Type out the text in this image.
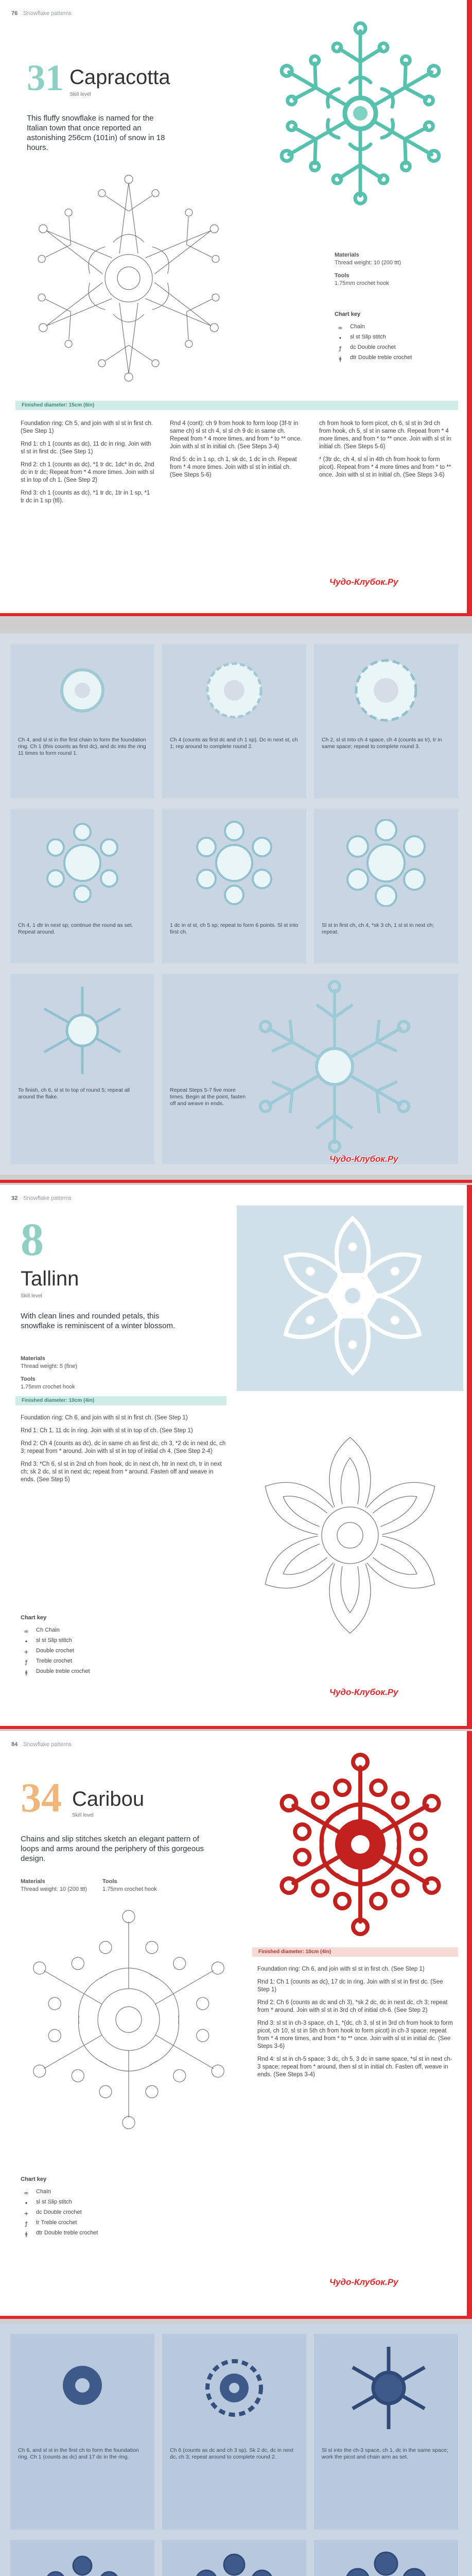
76 Snowflake patterns
31 Capracotta
Skill level
This fluffy snowflake is named for the Italian town that once reported an astonishing 256cm (101in) of snow in 18 hours.
Materials
Thread weight: 10 (200 ttt)
Tools
1.75mm crochet hook
Chart key
∞	Chain
•	sl st Slip stitch
ƒ	dc Double crochet
ǂ	dtr Double treble crochet
Finished diameter: 15cm (6in)

Foundation ring: Ch 5, and join with sl st in first ch. (See Step 1)

Rnd 1: ch 1 (counts as dc), 11 dc in ring. Join with sl st in first dc. (See Step 1)

Rnd 2: ch 1 (counts as dc), *1 tr dc, 1dc* in dc, 2nd dc in tr dc; Repeat from * 4 more times. Join with sl st in top of ch 1. (See Step 2)

Rnd 3: ch 1 (counts as dc), *1 tr dc, 1tr in 1 sp, *1 tr dc in 1 sp (t6).

Rnd 4 (cont): ch 9 from hook to form loop (3f-tr in same ch) sl st ch 4, sl sl ch 9 dc in same ch. Repeat from * 4 more times, and from * to ** once. Join with sl st in initial ch. (See Steps 3-4)

Rnd 5: dc in 1 sp, ch 1, sk dc, 1 dc in ch. Repeat from * 4 more times. Join with sl st in initial ch. (See Steps 5-6)

ch from hook to form picot, ch 6, sl st in 3rd ch from hook, ch 5, sl st in same ch. Repeat from * 4 more times, and from * to ** once. Join with sl st in initial ch. (See Steps 5-6)

* (3tr dc, ch 4, sl sl in 4th ch from hook to form picot). Repeat from * 4 more times and from * to ** once. Join with sl st in initial ch. (See Steps 3-6)

Чудо-Клубок.Ру
Ch 4, and sl st in the first chain to form the foundation ring. Ch 1 (this counts as first dc), and dc into the ring 11 times to form round 1.
Ch 4 (counts as first dc and ch 1 sp). Dc in next st, ch 1; rep around to complete round 2.
Ch 2, sl st into ch 4 space, ch 4 (counts as tr), tr in same space; repeat to complete round 3.
Ch 4, 1 dtr in next sp; continue the round as set. Repeat around.
1 dc in sl st, ch 5 sp; repeat to form 6 points. Sl st into first ch.
Sl st in first ch, ch 4, *sk 3 ch, 1 sl st in next ch; repeat.
To finish, ch 6, sl st to top of round 5; repeat all around the flake.
Repeat Steps 5-7 five more times. Begin at the point, fasten off and weave in ends.
Чудо-Клубок.Ру
32 Snowflake patterns
8
Tallinn
Skill level
With clean lines and rounded petals, this snowflake is reminiscent of a winter blossom.
Materials
Thread weight: 5 (fine)
Tools
1.75mm crochet hook
Finished diameter: 10cm (4in)

Foundation ring: Ch 6, and join with sl st in first ch. (See Step 1)

Rnd 1: Ch 1, 11 dc in ring. Join with sl st in top of ch. (See Step 1)

Rnd 2: Ch 4 (counts as dc), dc in same ch as first dc, ch 3, *2 dc in next dc, ch 3; repeat from * around. Join with sl st in top of initial ch 4. (See Step 2-4)

Rnd 3: *Ch 6, sl st in 2nd ch from hook, dc in next ch, htr in next ch, tr in next ch; sk 2 dc, sl st in next dc; repeat from * around. Fasten off and weave in ends. (See Step 5)

Chart key
∞	Ch Chain
•	sl st Slip stitch
+	Double crochet
ƒ	Treble crochet
ǂ	Double treble crochet
Чудо-Клубок.Ру
84 Snowflake patterns
34 Caribou
Skill level
Chains and slip stitches sketch an elegant pattern of loops and arms around the periphery of this gorgeous design.
Materials
Thread weight: 10 (200 ttt)
Tools
1.75mm crochet hook
Finished diameter: 10cm (4in)

Foundation ring: Ch 6, and join with sl st in first ch. (See Step 1)

Rnd 1: Ch 1 (counts as dc), 17 dc in ring. Join with sl st in first dc. (See Step 1)

Rnd 2: Ch 6 (counts as dc and ch 3), *sk 2 dc, dc in next dc, ch 3; repeat from * around. Join with sl st in 3rd ch of initial ch-6. (See Step 2)

Rnd 3: sl st in ch-3 space, ch 1, *(dc, ch 3, sl st in 3rd ch from hook to form picot, ch 10, sl st in 5th ch from hook to form picot) in ch-3 space; repeat from * 4 more times, and from * to ** once. Join with sl st in initial dc. (See Steps 3-6)

Rnd 4: sl st in ch-5 space; 3 dc, ch 5, 3 dc in same space, *sl st in next ch-3 space; repeat from * around, then sl st in initial ch. Fasten off, weave in ends. (See Steps 3-4)

Chart key
∞	Chain
•	sl st Slip stitch
+	dc Double crochet
ƒ	tr Treble crochet
ǂ	dtr Double treble crochet
Чудо-Клубок.Ру
Ch 6, and sl st in the first ch to form the foundation ring. Ch 1 (counts as dc) and 17 dc in the ring.
Ch 6 (counts as dc and ch 3 sp). Sk 2 dc, dc in next dc, ch 3; repeat around to complete round 2.
Sl st into the ch-3 space, ch 1, dc in the same space; work the picot and chain arm as set.
